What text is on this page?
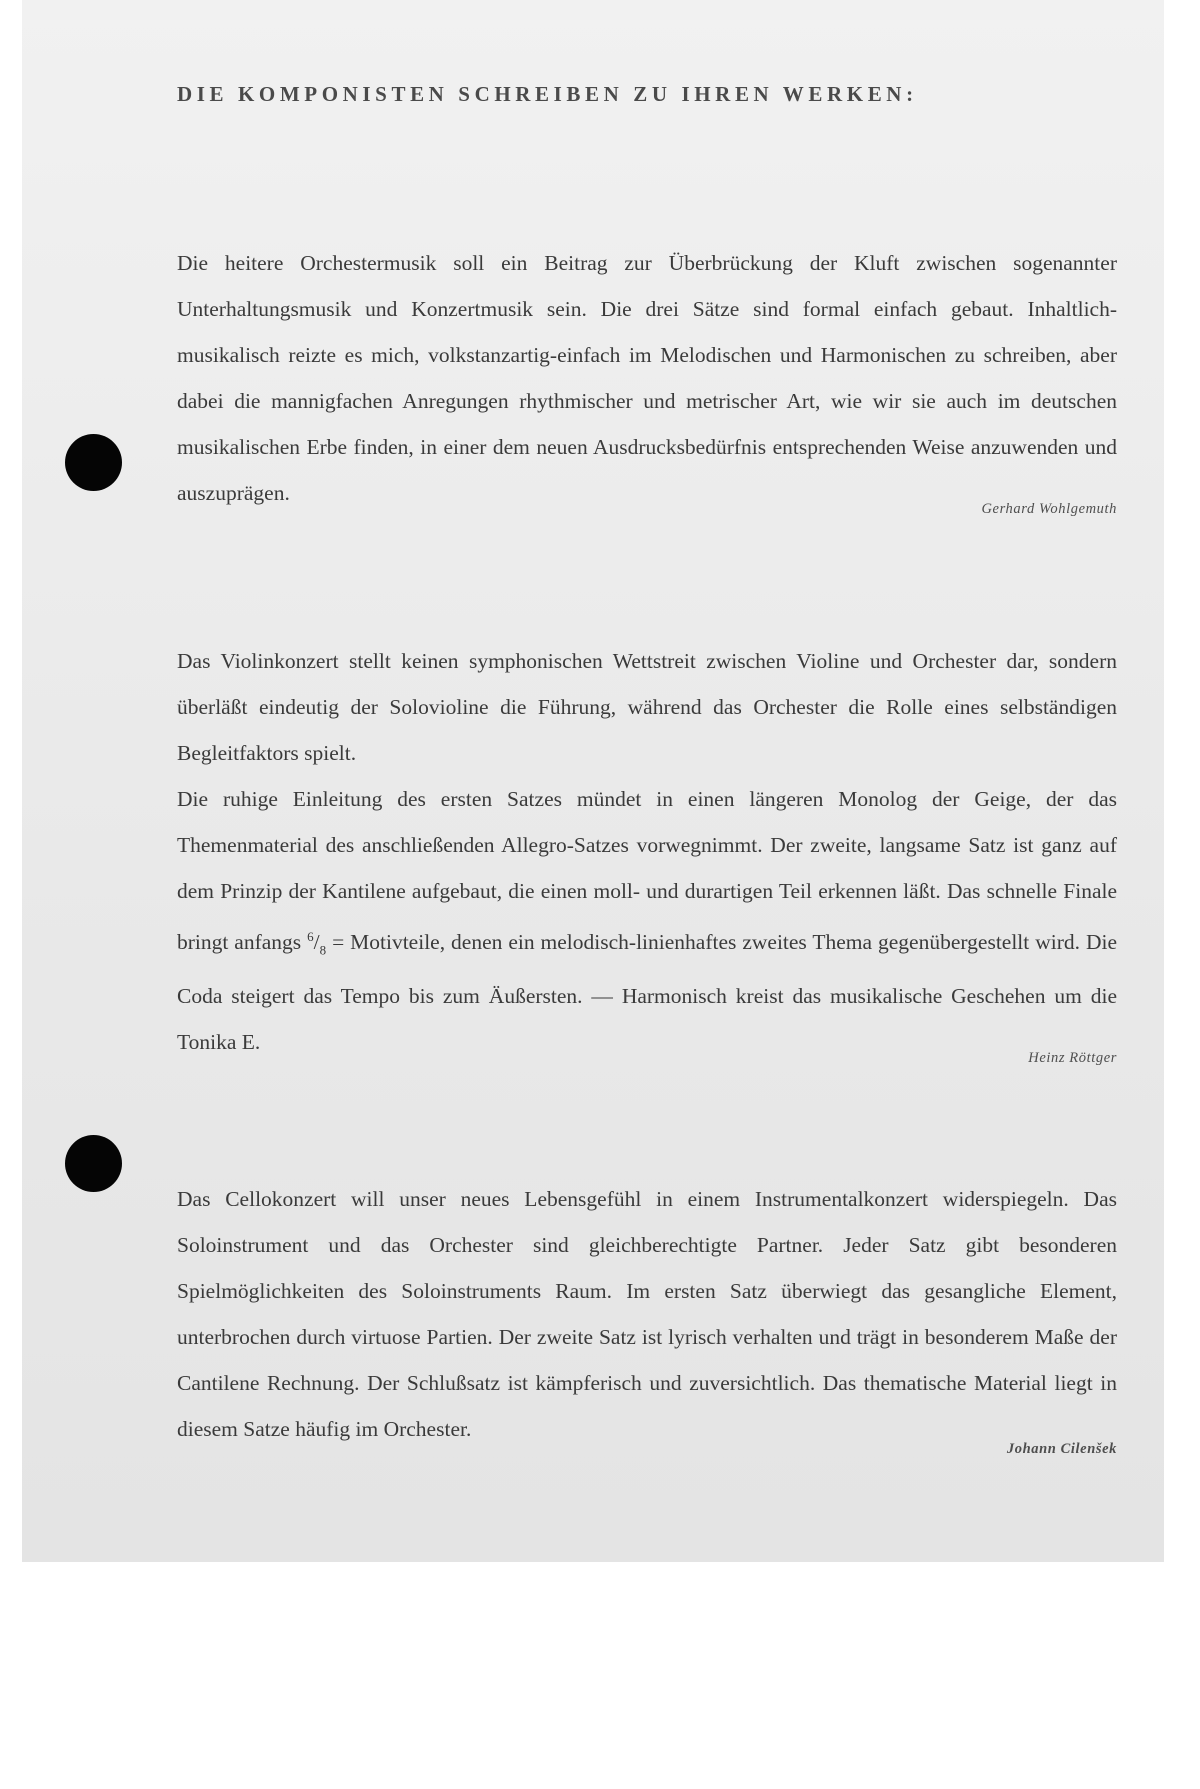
DIE KOMPONISTEN SCHREIBEN ZU IHREN WERKEN:

Die heitere Orchestermusik soll ein Beitrag zur Überbrückung der Kluft zwischen sogenannter Unterhaltungsmusik und Konzertmusik sein. Die drei Sätze sind formal einfach gebaut. Inhaltlich-musikalisch reizte es mich, volkstanzartig-einfach im Melodischen und Harmonischen zu schreiben, aber dabei die mannigfachen Anregungen rhythmischer und metrischer Art, wie wir sie auch im deutschen musikalischen Erbe finden, in einer dem neuen Ausdrucksbedürfnis entsprechenden Weise anzuwenden und auszuprägen.

Gerhard Wohlgemuth

Das Violinkonzert stellt keinen symphonischen Wettstreit zwischen Violine und Orchester dar, sondern überläßt eindeutig der Solovioline die Führung, während das Orchester die Rolle eines selbständigen Begleitfaktors spielt.

Die ruhige Einleitung des ersten Satzes mündet in einen längeren Monolog der Geige, der das Themenmaterial des anschließenden Allegro-Satzes vorwegnimmt. Der zweite, langsame Satz ist ganz auf dem Prinzip der Kantilene aufgebaut, die einen moll- und durartigen Teil erkennen läßt. Das schnelle Finale bringt anfangs $^6/_8$ = Motivteile, denen ein melodisch-linienhaftes zweites Thema gegenübergestellt wird. Die Coda steigert das Tempo bis zum Äußersten. — Harmonisch kreist das musikalische Geschehen um die Tonika E.

Heinz Röttger

Das Cellokonzert will unser neues Lebensgefühl in einem Instrumentalkonzert widerspiegeln. Das Soloinstrument und das Orchester sind gleichberechtigte Partner. Jeder Satz gibt besonderen Spielmöglichkeiten des Soloinstruments Raum. Im ersten Satz überwiegt das gesangliche Element, unterbrochen durch virtuose Partien. Der zweite Satz ist lyrisch verhalten und trägt in besonderem Maße der Cantilene Rechnung. Der Schlußsatz ist kämpferisch und zuversichtlich. Das thematische Material liegt in diesem Satze häufig im Orchester.

Johann Cilenšek
